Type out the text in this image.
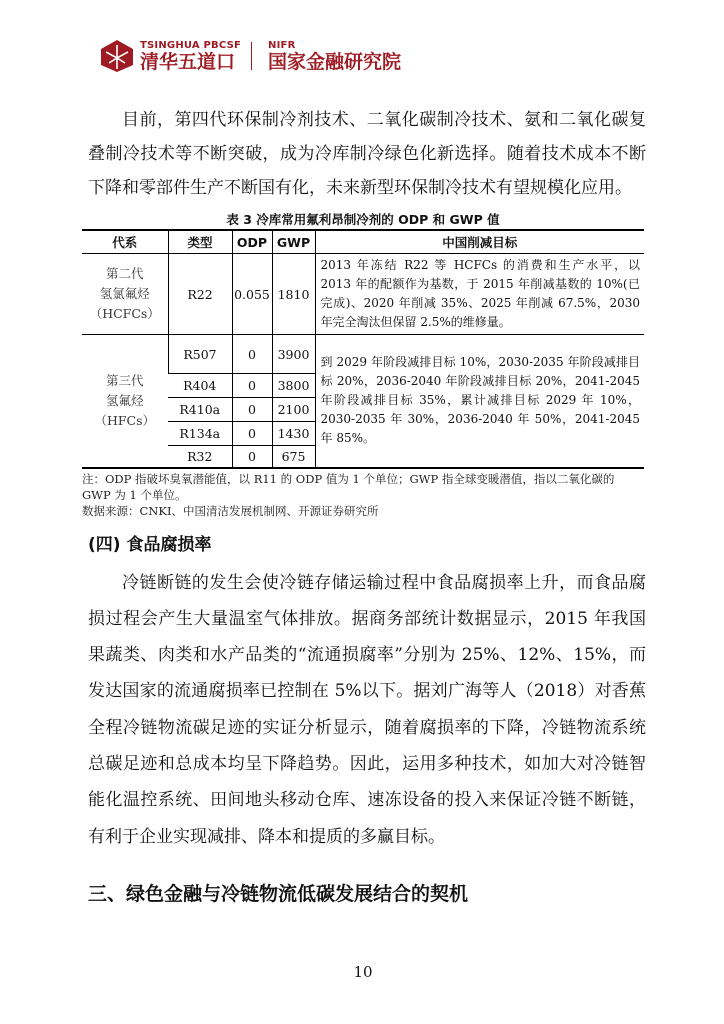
TSINGHUA PBCSF
清华五道口
NIFR
国家金融研究院
目前，第四代环保制冷剂技术、二氧化碳制冷技术、氨和二氧化碳复叠制冷技术等不断突破，成为冷库制冷绿色化新选择。随着技术成本不断下降和零部件生产不断国有化，未来新型环保制冷技术有望规模化应用。
表 3 冷库常用氟利昂制冷剂的 ODP 和 GWP 值
代系	类型	ODP	GWP	中国削减目标
第二代
氢氯氟烃
（HCFCs）	R22	0.055	1810	2013 年冻结 R22 等 HCFCs 的消费和生产水平，以 2013 年的配额作为基数，于 2015 年削减基数的 10%(已完成)、2020 年削减 35%、2025 年削减 67.5%，2030 年完全淘汰但保留 2.5%的维修量。
第三代
氢氟烃
（HFCs）	R507	0	3900	到 2029 年阶段减排目标 10%，2030-2035 年阶段减排目标 20%，2036-2040 年阶段减排目标 20%，2041-2045 年阶段减排目标 35%，累计减排目标 2029 年 10%，2030-2035 年 30%，2036-2040 年 50%，2041-2045 年 85%。
	R404	0	3800	
	R410a	0	2100	
	R134a	0	1430	
	R32	0	675	
注：ODP 指破坏臭氧潜能值，以 R11 的 ODP 值为 1 个单位；GWP 指全球变暖潜值，指以二氧化碳的 GWP 为 1 个单位。
数据来源：CNKI、中国清洁发展机制网、开源证券研究所
(四) 食品腐损率
冷链断链的发生会使冷链存储运输过程中食品腐损率上升，而食品腐损过程会产生大量温室气体排放。据商务部统计数据显示，2015 年我国果蔬类、肉类和水产品类的“流通损腐率”分别为 25%、12%、15%，而发达国家的流通腐损率已控制在 5%以下。据刘广海等人（2018）对香蕉全程冷链物流碳足迹的实证分析显示，随着腐损率的下降，冷链物流系统总碳足迹和总成本均呈下降趋势。因此，运用多种技术，如加大对冷链智能化温控系统、田间地头移动仓库、速冻设备的投入来保证冷链不断链，有利于企业实现减排、降本和提质的多赢目标。
三、绿色金融与冷链物流低碳发展结合的契机
10
